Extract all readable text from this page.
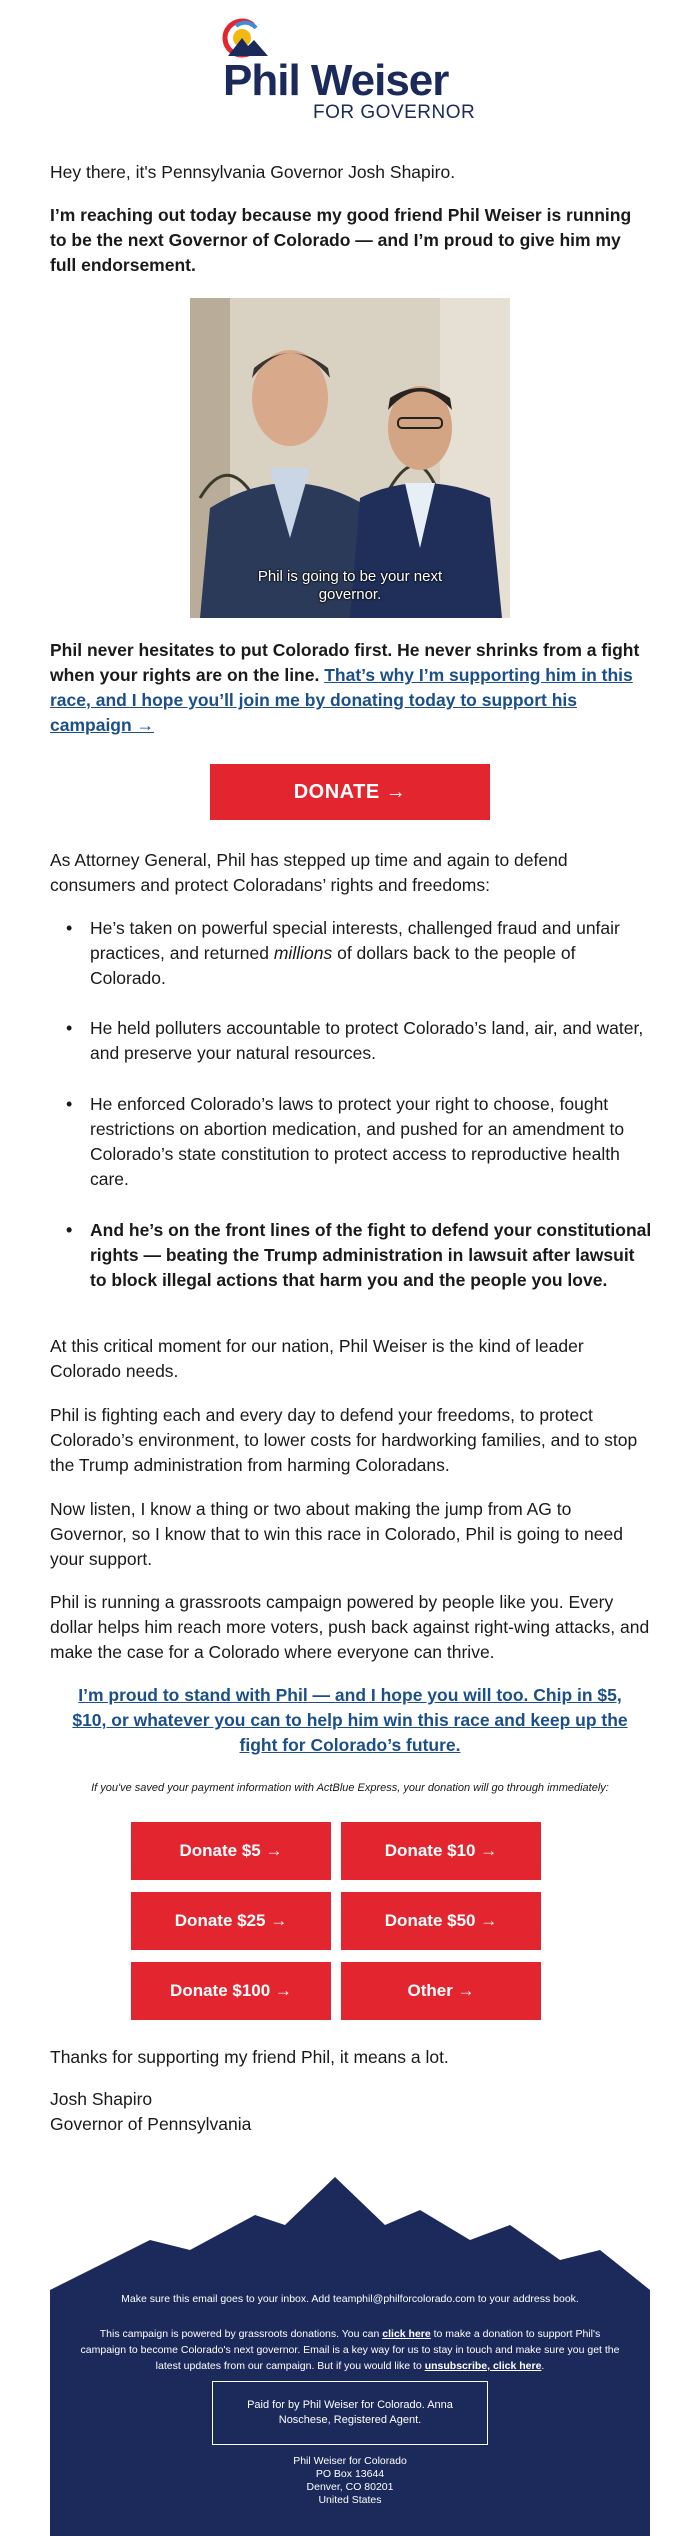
Phil Weiser
FOR GOVERNOR
Hey there, it's Pennsylvania Governor Josh Shapiro.
I’m reaching out today because my good friend Phil Weiser is running to be the next Governor of Colorado — and I’m proud to give him my full endorsement.
Phil is going to be your next
governor.
Phil never hesitates to put Colorado first. He never shrinks from a fight when your rights are on the line. That’s why I’m supporting him in this race, and I hope you’ll join me by donating today to support his campaign →
DONATE →
As Attorney General, Phil has stepped up time and again to defend consumers and protect Coloradans’ rights and freedoms:
• He’s taken on powerful special interests, challenged fraud and unfair practices, and returned millions of dollars back to the people of Colorado.
• He held polluters accountable to protect Colorado’s land, air, and water, and preserve your natural resources.
• He enforced Colorado’s laws to protect your right to choose, fought restrictions on abortion medication, and pushed for an amendment to Colorado’s state constitution to protect access to reproductive health care.
• And he’s on the front lines of the fight to defend your constitutional rights — beating the Trump administration in lawsuit after lawsuit to block illegal actions that harm you and the people you love.
At this critical moment for our nation, Phil Weiser is the kind of leader Colorado needs.
Phil is fighting each and every day to defend your freedoms, to protect Colorado’s environment, to lower costs for hardworking families, and to stop the Trump administration from harming Coloradans.
Now listen, I know a thing or two about making the jump from AG to Governor, so I know that to win this race in Colorado, Phil is going to need your support.
Phil is running a grassroots campaign powered by people like you. Every dollar helps him reach more voters, push back against right-wing attacks, and make the case for a Colorado where everyone can thrive.
I’m proud to stand with Phil — and I hope you will too. Chip in $5, $10, or whatever you can to help him win this race and keep up the fight for Colorado’s future.
If you've saved your payment information with ActBlue Express, your donation will go through immediately:
Donate $5 →	Donate $10 →
Donate $25 →	Donate $50 →
Donate $100 →	Other →
Thanks for supporting my friend Phil, it means a lot.
Josh Shapiro
Governor of Pennsylvania
Make sure this email goes to your inbox. Add teamphil@philforcolorado.com to your address book.
This campaign is powered by grassroots donations. You can click here to make a donation to support Phil's campaign to become Colorado's next governor. Email is a key way for us to stay in touch and make sure you get the latest updates from our campaign. But if you would like to unsubscribe, click here.
Paid for by Phil Weiser for Colorado. Anna Noschese, Registered Agent.
Phil Weiser for Colorado
PO Box 13644
Denver, CO 80201
United States
